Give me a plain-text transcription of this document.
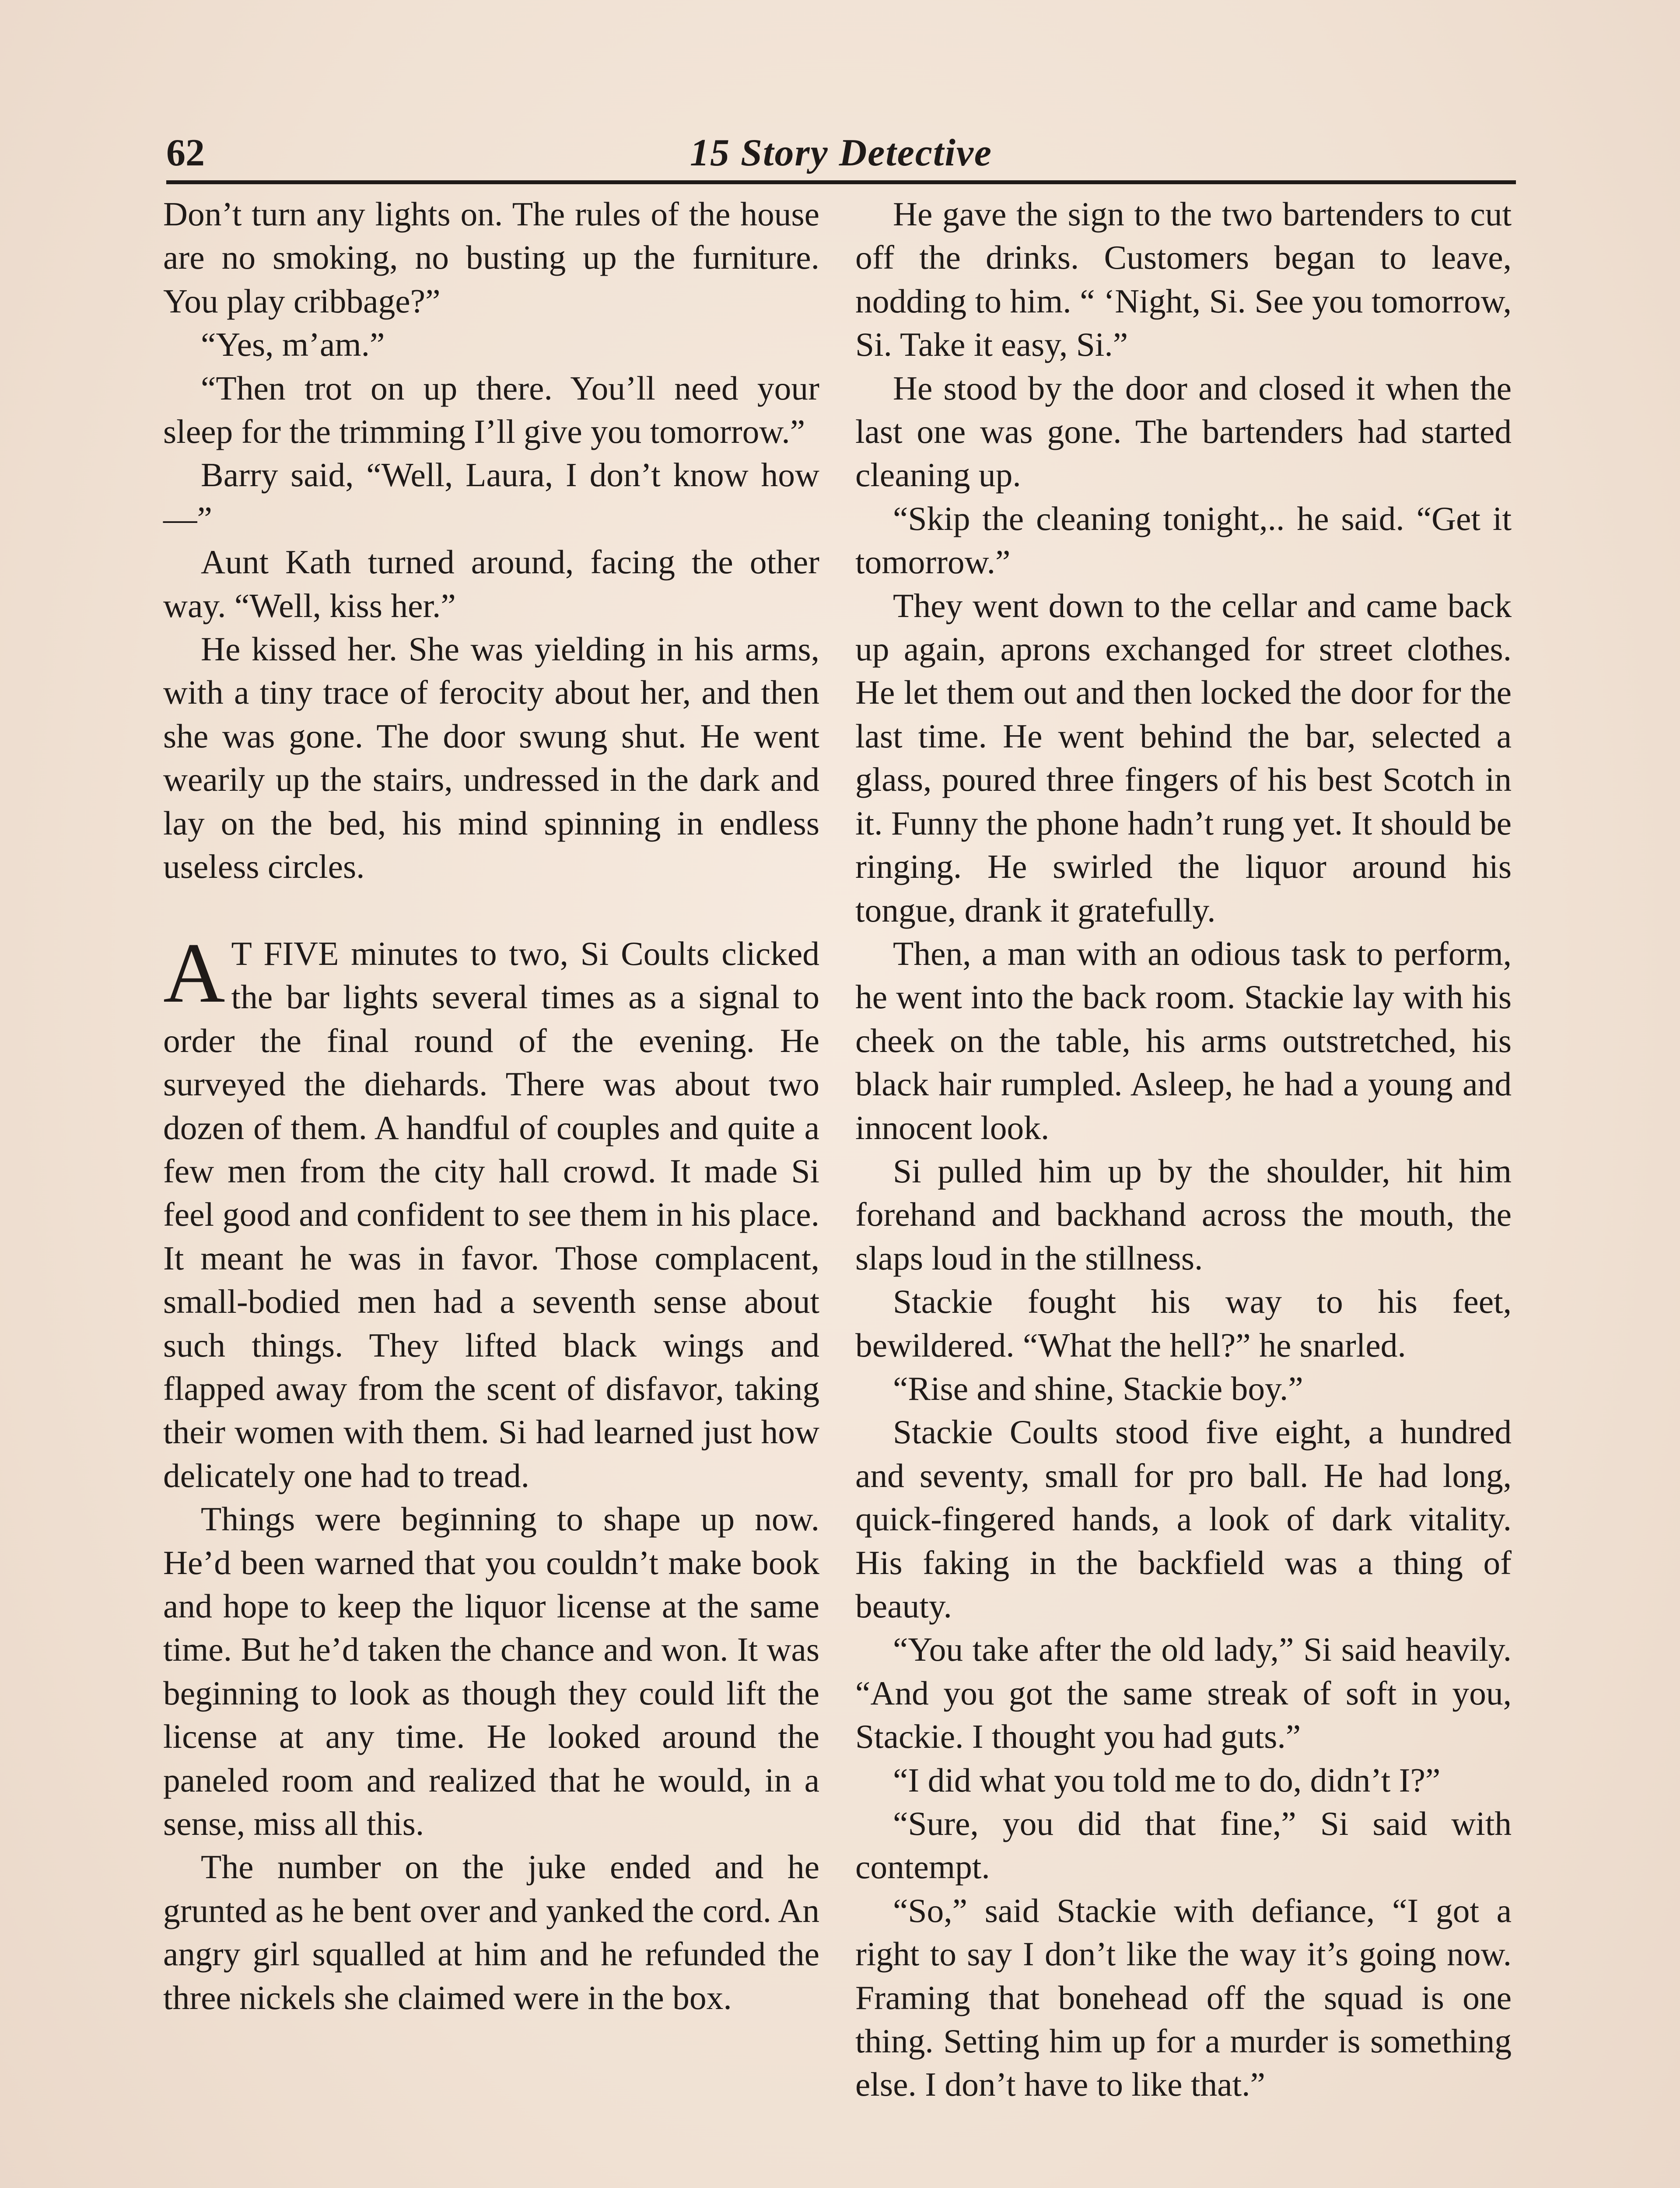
62	15 Story Detective

Don’t turn any lights on. The rules of the house are no smoking, no busting up the furniture. You play cribbage?”

“Yes, m’am.”

“Then trot on up there. You’ll need your sleep for the trimming I’ll give you tomorrow.”

Barry said, “Well, Laura, I don’t know how—”

Aunt Kath turned around, facing the other way. “Well, kiss her.”

He kissed her. She was yielding in his arms, with a tiny trace of ferocity about her, and then she was gone. The door swung shut. He went wearily up the stairs, undressed in the dark and lay on the bed, his mind spinning in endless useless circles.

A T FIVE minutes to two, Si Coults clicked the bar lights several times as a signal to order the final round of the evening. He surveyed the diehards. There was about two dozen of them. A handful of couples and quite a few men from the city hall crowd. It made Si feel good and confident to see them in his place. It meant he was in favor. Those complacent, small-bodied men had a seventh sense about such things. They lifted black wings and flapped away from the scent of disfavor, taking their women with them. Si had learned just how delicately one had to tread.

Things were beginning to shape up now. He’d been warned that you couldn’t make book and hope to keep the liquor license at the same time. But he’d taken the chance and won. It was beginning to look as though they could lift the license at any time. He looked around the paneled room and realized that he would, in a sense, miss all this.

The number on the juke ended and he grunted as he bent over and yanked the cord. An angry girl squalled at him and he refunded the three nickels she claimed were in the box.

He gave the sign to the two bartenders to cut off the drinks. Customers began to leave, nodding to him. “ ‘Night, Si. See you tomorrow, Si. Take it easy, Si.”

He stood by the door and closed it when the last one was gone. The bartenders had started cleaning up.

“Skip the cleaning tonight,.. he said. “Get it tomorrow.”

They went down to the cellar and came back up again, aprons exchanged for street clothes. He let them out and then locked the door for the last time. He went behind the bar, selected a glass, poured three fingers of his best Scotch in it. Funny the phone hadn’t rung yet. It should be ringing. He swirled the liquor around his tongue, drank it gratefully.

Then, a man with an odious task to perform, he went into the back room. Stackie lay with his cheek on the table, his arms outstretched, his black hair rumpled. Asleep, he had a young and innocent look.

Si pulled him up by the shoulder, hit him forehand and backhand across the mouth, the slaps loud in the stillness.

Stackie fought his way to his feet, bewildered. “What the hell?” he snarled.

“Rise and shine, Stackie boy.”

Stackie Coults stood five eight, a hundred and seventy, small for pro ball. He had long, quick-fingered hands, a look of dark vitality. His faking in the backfield was a thing of beauty.

“You take after the old lady,” Si said heavily. “And you got the same streak of soft in you, Stackie. I thought you had guts.”

“I did what you told me to do, didn’t I?”

“Sure, you did that fine,” Si said with contempt.

“So,” said Stackie with defiance, “I got a right to say I don’t like the way it’s going now. Framing that bonehead off the squad is one thing. Setting him up for a murder is something else. I don’t have to like that.”
